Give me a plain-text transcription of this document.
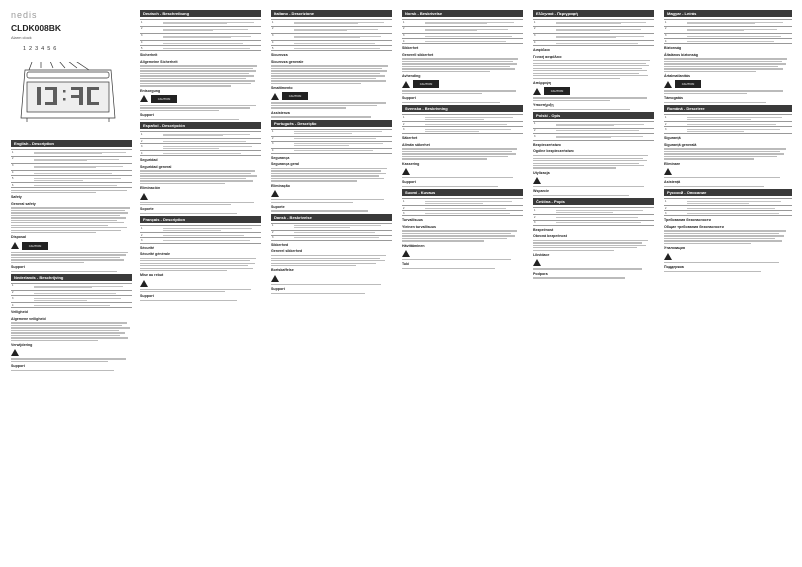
nedis
CLDK008BK
Alarm clock
123456
English - Description
1
2
3
4
5
6
Safety
General safety
Disposal
CAUTION
Support
Nederlands - Beschrijving
1
2
3
4
Veiligheid
Algemene veiligheid
Verwijdering
Support
Deutsch - Beschreibung
1
2
3
4
5
Sicherheit
Allgemeine Sicherheit
Entsorgung
CAUTION
Support
Español - Descripción
1
2
3
4
Seguridad
Seguridad general
Eliminación
Soporte
Français - Description
1
2
3
Sécurité
Sécurité générale
Mise au rebut
Support
Italiano - Descrizione
1
2
3
4
5
Sicurezza
Sicurezza generale
Smaltimento
CAUTION
Assistenza
Português - Descrição
1
2
3
4
Segurança
Segurança geral
Eliminação
Suporte
Dansk - Beskrivelse
1
2
3
Sikkerhed
Generel sikkerhed
Bortskaffelse
Support
Norsk - Beskrivelse
1
2
3
4
Sikkerhet
Generell sikkerhet
Avhending
CAUTION
Support
Svenska - Beskrivning
1
2
3
Säkerhet
Allmän säkerhet
Kassering
Support
Suomi - Kuvaus
1
2
3
Turvallisuus
Yleinen turvallisuus
Hävittäminen
Tuki
Ελληνικά - Περιγραφή
1
2
3
4
Ασφάλεια
Γενική ασφάλεια
Απόρριψη
CAUTION
Υποστήριξη
Polski - Opis
1
2
3
Bezpieczeństwo
Ogólne bezpieczeństwo
Utylizacja
Wsparcie
Čeština - Popis
1
2
3
Bezpečnost
Obecná bezpečnost
Likvidace
Podpora
Magyar - Leírás
1
2
3
4
Biztonság
Általános biztonság
Ártalmatlanítás
CAUTION
Támogatás
Română - Descriere
1
2
3
Siguranță
Siguranță generală
Eliminare
Asistență
Русский - Описание
1
2
3
Требования безопасности
Общие требования безопасности
Утилизация
Поддержка
